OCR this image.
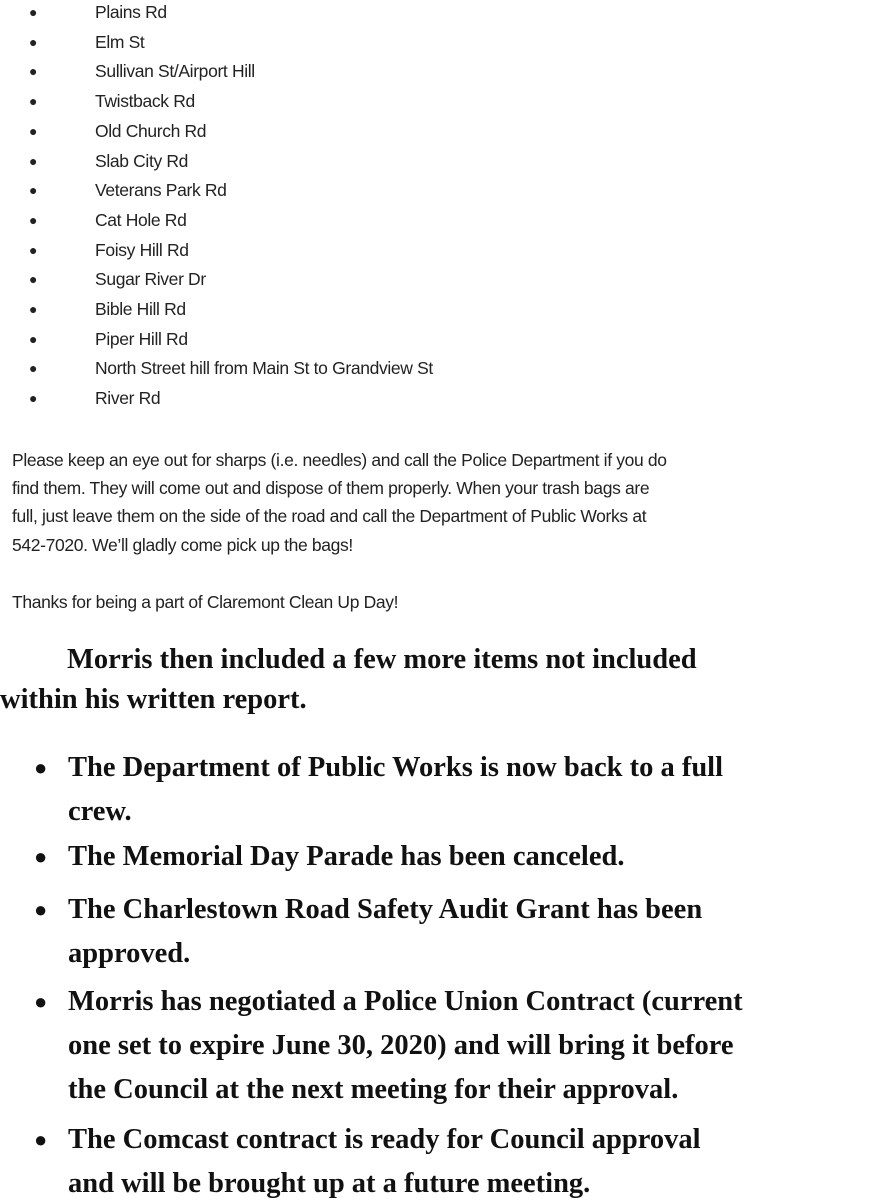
●	Plains Rd
●	Elm St
●	Sullivan St/Airport Hill
●	Twistback Rd
●	Old Church Rd
●	Slab City Rd
●	Veterans Park Rd
●	Cat Hole Rd
●	Foisy Hill Rd
●	Sugar River Dr
●	Bible Hill Rd
●	Piper Hill Rd
●	North Street hill from Main St to Grandview St
●	River Rd
Please keep an eye out for sharps (i.e. needles) and call the Police Department if you do
find them. They will come out and dispose of them properly. When your trash bags are
full, just leave them on the side of the road and call the Department of Public Works at
542-7020. We’ll gladly come pick up the bags!
Thanks for being a part of Claremont Clean Up Day!
Morris then included a few more items not included
within his written report.
● The Department of Public Works is now back to a full
crew.
● The Memorial Day Parade has been canceled.
● The Charlestown Road Safety Audit Grant has been
approved.
● Morris has negotiated a Police Union Contract (current
one set to expire June 30, 2020) and will bring it before
the Council at the next meeting for their approval.
● The Comcast contract is ready for Council approval
and will be brought up at a future meeting.
